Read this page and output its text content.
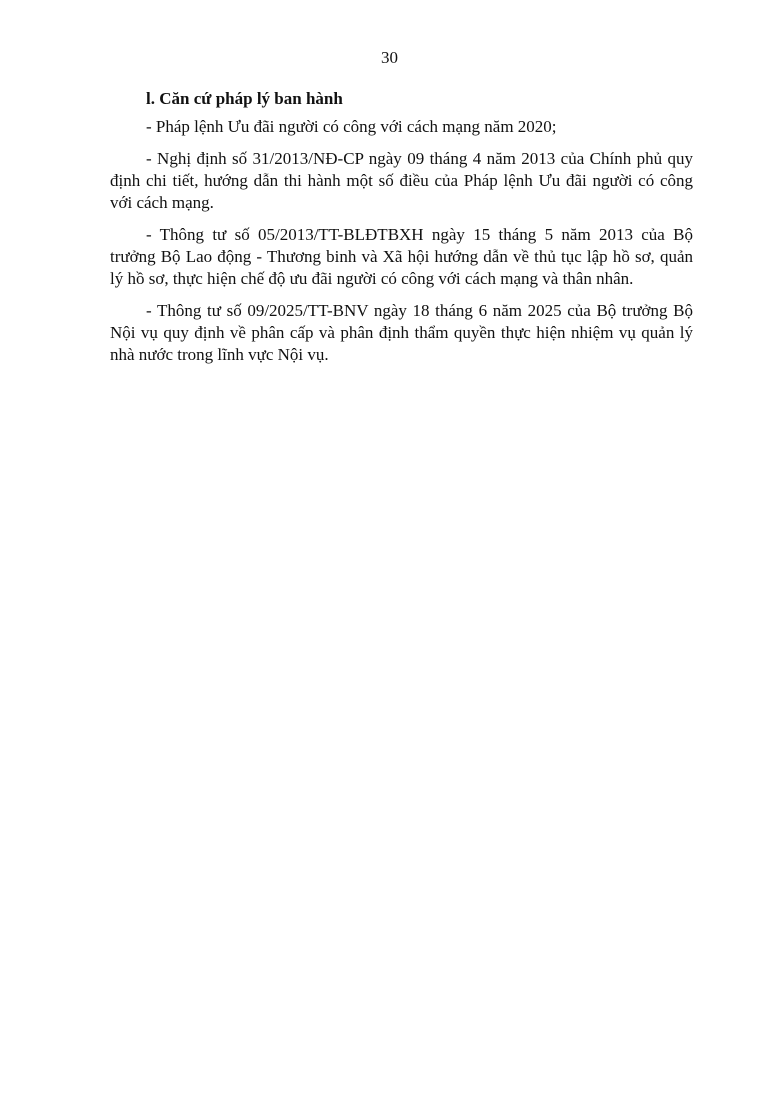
30

l. Căn cứ pháp lý ban hành

- Pháp lệnh Ưu đãi người có công với cách mạng năm 2020;

- Nghị định số 31/2013/NĐ-CP ngày 09 tháng 4 năm 2013 của Chính phủ quy định chi tiết, hướng dẫn thi hành một số điều của Pháp lệnh Ưu đãi người có công với cách mạng.

- Thông tư số 05/2013/TT-BLĐTBXH ngày 15 tháng 5 năm 2013 của Bộ trưởng Bộ Lao động - Thương binh và Xã hội hướng dẫn về thủ tục lập hồ sơ, quản lý hồ sơ, thực hiện chế độ ưu đãi người có công với cách mạng và thân nhân.

- Thông tư số 09/2025/TT-BNV ngày 18 tháng 6 năm 2025 của Bộ trưởng Bộ Nội vụ quy định về phân cấp và phân định thẩm quyền thực hiện nhiệm vụ quản lý nhà nước trong lĩnh vực Nội vụ.
